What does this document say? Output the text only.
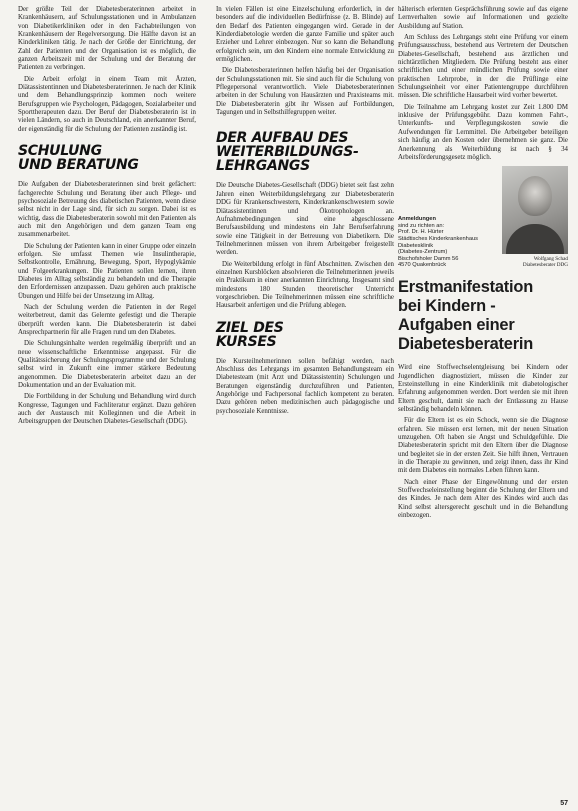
Der größte Teil der Diabetesberaterinnen arbeitet in Krankenhäusern, auf Schulungsstationen und in Ambulanzen von Diabetikerkliniken oder in den Fachabteilungen von Krankenhäusern der Regelversorgung. Die Hälfte davon ist an Kinderkliniken tätig. Je nach der Größe der Einrichtung, der Zahl der Patienten und der Organisation ist es möglich, die ganzen Arbeitszeit mit der Schulung und der Beratung der Patienten zu verbringen.

Die Arbeit erfolgt in einem Team mit Ärzten, Diätassistentinnen und Diabetesberaterinnen. Je nach der Klinik und dem Behandlungsprinzip kommen noch weitere Berufsgruppen wie Psychologen, Pädagogen, Sozialarbeiter und Sporttherapeuten dazu. Der Beruf der Diabetesberaterin ist in vielen Ländern, so auch in Deutschland, ein anerkannter Beruf, der eigenständig für die Schulung der Patienten zuständig ist.

SCHULUNG
UND BERATUNG

Die Aufgaben der Diabetesberaterinnen sind breit gefächert: fachgerechte Schulung und Beratung über auch Pflege- und psychosoziale Betreuung des diabetischen Patienten, wenn diese selbst nicht in der Lage sind, für sich zu sorgen. Dabei ist es wichtig, dass die Diabetesberaterin sowohl mit den Patienten als auch mit den Angehörigen und dem ganzen Team eng zusammenarbeitet.

Die Schulung der Patienten kann in einer Gruppe oder einzeln erfolgen. Sie umfasst Themen wie Insulintherapie, Selbstkontrolle, Ernährung, Bewegung, Sport, Hypoglykämie und Folgeerkrankungen. Die Patienten sollen lernen, ihren Diabetes im Alltag selbständig zu behandeln und die Therapie den Erfordernissen anzupassen. Dazu gehören auch praktische Übungen und Hilfe bei der Umsetzung im Alltag.

Nach der Schulung werden die Patienten in der Regel weiterbetreut, damit das Gelernte gefestigt und die Therapie überprüft werden kann. Die Diabetesberaterin ist dabei Ansprechpartnerin für alle Fragen rund um den Diabetes.

Die Schulungsinhalte werden regelmäßig überprüft und an neue wissenschaftliche Erkenntnisse angepasst. Für die Qualitätssicherung der Schulungsprogramme und der Schulung selbst wird in Zukunft eine immer stärkere Bedeutung angenommen. Die Diabetesberaterin arbeitet dazu an der Dokumentation und an der Evaluation mit.

Die Fortbildung in der Schulung und Behandlung wird durch Kongresse, Tagungen und Fachliteratur ergänzt. Dazu gehören auch der Austausch mit Kolleginnen und die Arbeit in Arbeitsgruppen der Deutschen Diabetes-Gesellschaft (DDG).

In vielen Fällen ist eine Einzelschulung erforderlich, in der besonders auf die individuellen Bedürfnisse (z. B. Blinde) auf den Bedarf des Patienten eingegangen wird. Gerade in der Kinderdiabetologie werden die ganze Familie und später auch Erzieher und Lehrer einbezogen. Nur so kann die Behandlung erfolgreich sein, um den Kindern eine normale Entwicklung zu ermöglichen.

Die Diabetesberaterinnen helfen häufig bei der Organisation der Schulungsstationen mit. Sie sind auch für die Schulung von Pflegepersonal verantwortlich. Viele Diabetesberaterinnen arbeiten in der Schulung von Hausärzten und Praxisteams mit. Die Diabetesberaterin gibt ihr Wissen auf Fortbildungen, Tagungen und in Selbsthilfegruppen weiter.

DER AUFBAU DES
WEITERBILDUNGS-
LEHRGANGS

Die Deutsche Diabetes-Gesellschaft (DDG) bietet seit fast zehn Jahren einen Weiterbildungslehrgang zur Diabetesberaterin DDG für Krankenschwestern, Kinderkrankenschwestern sowie Diätassistentinnen und Ökotrophologen an. Aufnahmebedingungen sind eine abgeschlossene Berufsausbildung und mindestens ein Jahr Berufserfahrung sowie eine Tätigkeit in der Betreuung von Diabetikern. Die Teilnehmerinnen müssen von ihrem Arbeitgeber freigestellt werden.

Die Weiterbildung erfolgt in fünf Abschnitten. Zwischen den einzelnen Kursblöcken absolvieren die Teilnehmerinnen jeweils ein Praktikum in einer anerkannten Einrichtung. Insgesamt sind mindestens 180 Stunden theoretischer Unterricht vorgeschrieben. Die Teilnehmerinnen müssen eine schriftliche Hausarbeit anfertigen und die Prüfung ablegen.

ZIEL DES
KURSES

Die Kursteilnehmerinnen sollen befähigt werden, nach Abschluss des Lehrgangs im gesamten Behandlungsteam ein Diabetesteam (mit Arzt und Diätassistentin) Schulungen und Beratungen eigenständig durchzuführen und Patienten, Angehörige und Fachpersonal fachlich kompetent zu beraten. Dazu gehören neben medizinischen auch pädagogische und psychosoziale Kenntnisse.

hälterisch erlernten Gesprächsführung sowie auf das eigene Lernverhalten sowie auf Informationen und gezielte Ausbildung auf Station.

Am Schluss des Lehrgangs steht eine Prüfung vor einem Prüfungsausschuss, bestehend aus Vertretern der Deutschen Diabetes-Gesellschaft, bestehend aus ärztlichen und nichtärztlichen Mitgliedern. Die Prüfung besteht aus einer schriftlichen und einer mündlichen Prüfung sowie einer praktischen Lehrprobe, in der die Prüflinge eine Schulungseinheit vor einer Patientengruppe durchführen müssen. Die schriftliche Hausarbeit wird vorher bewertet.

Die Teilnahme am Lehrgang kostet zur Zeit 1.800 DM inklusive der Prüfungsgebühr. Dazu kommen Fahrt-, Unterkunfts- und Verpflegungskosten sowie die Aufwendungen für Lernmittel. Die Arbeitgeber beteiligen sich häufig an den Kosten oder übernehmen sie ganz. Die Anerkennung als Weiterbildung ist nach § 34 Arbeitsförderungsgesetz möglich.

Anmeldungen
sind zu richten an:
Prof. Dr. H. Hürter
Städtisches Kinderkrankenhaus
Diabetesklinik
(Diabetes-Zentrum)
Bischofsholer Damm 56
4570 Quakenbrück
Wolfgang Schad
Diabetesberater DDG
Erstmanifestation
bei Kindern -
Aufgaben einer
Diabetesberaterin

Wird eine Stoffwechselentgleisung bei Kindern oder Jugendlichen diagnostiziert, müssen die Kinder zur Ersteinstellung in eine Kinderklinik mit diabetologischer Erfahrung aufgenommen werden. Dort werden sie mit ihren Eltern geschult, damit sie nach der Entlassung zu Hause selbständig behandeln können.

Für die Eltern ist es ein Schock, wenn sie die Diagnose erfahren. Sie müssen erst lernen, mit der neuen Situation umzugehen. Oft haben sie Angst und Schuldgefühle. Die Diabetesberaterin spricht mit den Eltern über die Diagnose und begleitet sie in der ersten Zeit. Sie hilft ihnen, Vertrauen in die Therapie zu gewinnen, und zeigt ihnen, dass ihr Kind mit dem Diabetes ein normales Leben führen kann.

Nach einer Phase der Eingewöhnung und der ersten Stoffwechseleinstellung beginnt die Schulung der Eltern und des Kindes. Je nach dem Alter des Kindes wird auch das Kind selbst altersgerecht geschult und in die Behandlung einbezogen.

57
